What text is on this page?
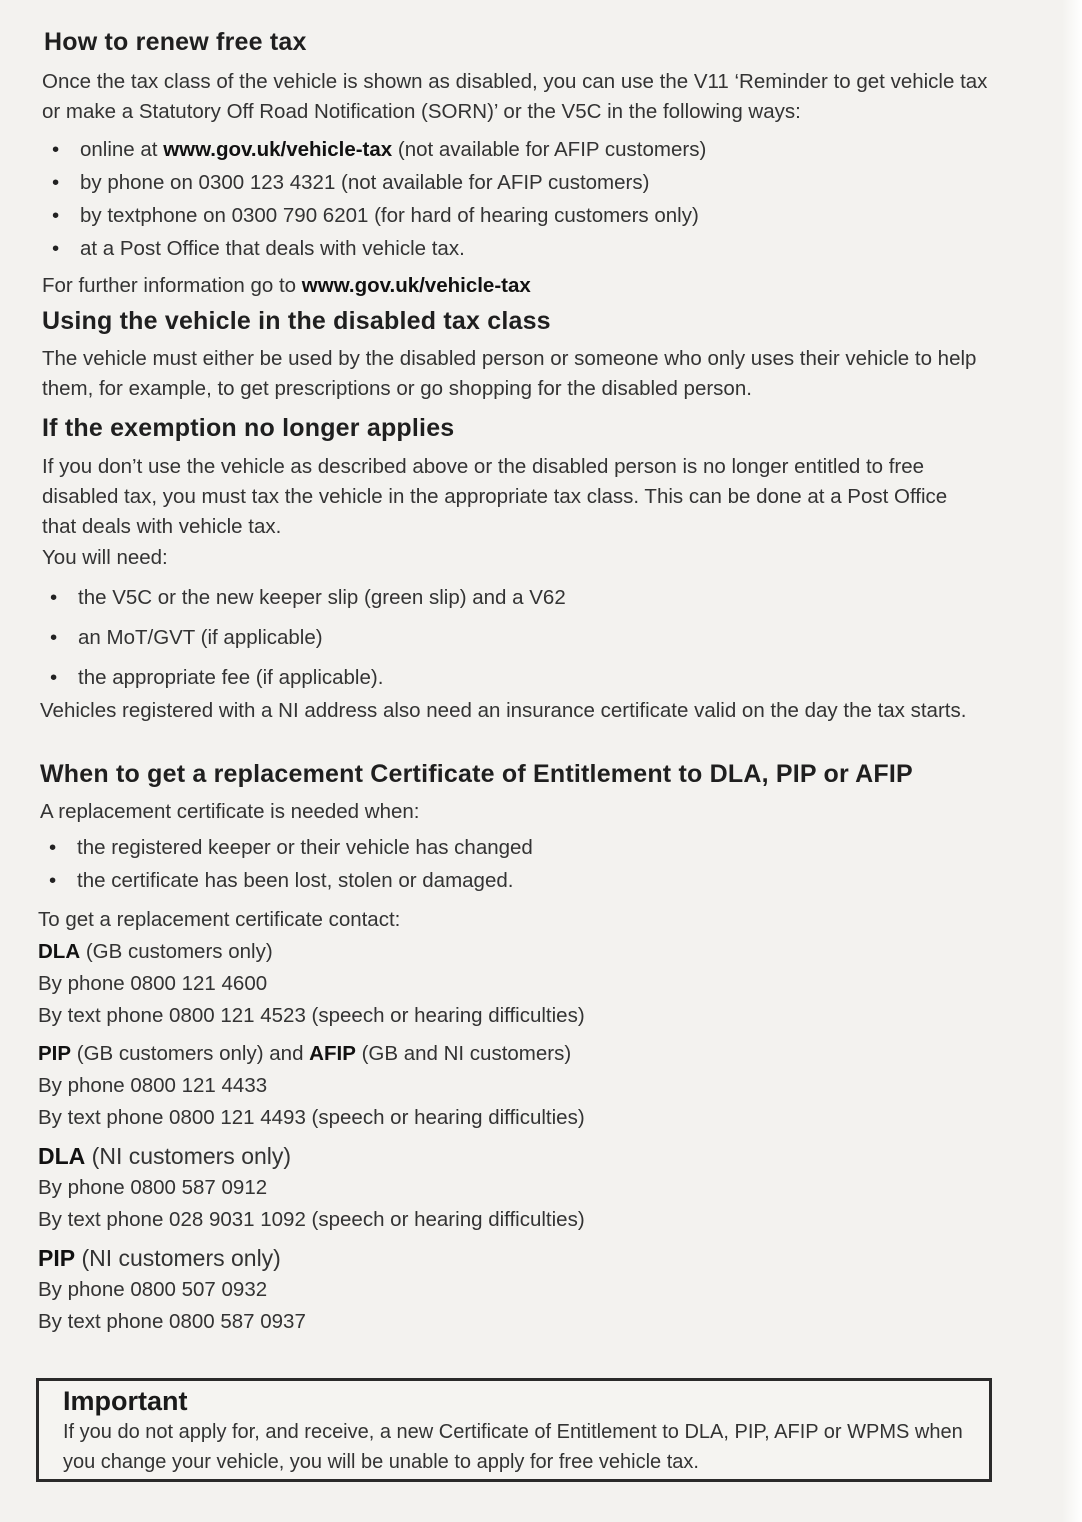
How to renew free tax

Once the tax class of the vehicle is shown as disabled, you can use the V11 ‘Reminder to get vehicle tax or make a Statutory Off Road Notification (SORN)’ or the V5C in the following ways:

• online at www.gov.uk/vehicle-tax (not available for AFIP customers)
• by phone on 0300 123 4321 (not available for AFIP customers)
• by textphone on 0300 790 6201 (for hard of hearing customers only)
• at a Post Office that deals with vehicle tax.

For further information go to www.gov.uk/vehicle-tax

Using the vehicle in the disabled tax class

The vehicle must either be used by the disabled person or someone who only uses their vehicle to help them, for example, to get prescriptions or go shopping for the disabled person.

If the exemption no longer applies

If you don’t use the vehicle as described above or the disabled person is no longer entitled to free disabled tax, you must tax the vehicle in the appropriate tax class. This can be done at a Post Office that deals with vehicle tax.

You will need:

• the V5C or the new keeper slip (green slip) and a V62
• an MoT/GVT (if applicable)
• the appropriate fee (if applicable).

Vehicles registered with a NI address also need an insurance certificate valid on the day the tax starts.

When to get a replacement Certificate of Entitlement to DLA, PIP or AFIP

A replacement certificate is needed when:

• the registered keeper or their vehicle has changed
• the certificate has been lost, stolen or damaged.

To get a replacement certificate contact:

DLA (GB customers only)

By phone 0800 121 4600

By text phone 0800 121 4523 (speech or hearing difficulties)

PIP (GB customers only) and AFIP (GB and NI customers)

By phone 0800 121 4433

By text phone 0800 121 4493 (speech or hearing difficulties)

DLA (NI customers only)

By phone 0800 587 0912

By text phone 028 9031 1092 (speech or hearing difficulties)

PIP (NI customers only)

By phone 0800 507 0932

By text phone 0800 587 0937

Important

If you do not apply for, and receive, a new Certificate of Entitlement to DLA, PIP, AFIP or WPMS when you change your vehicle, you will be unable to apply for free vehicle tax.
